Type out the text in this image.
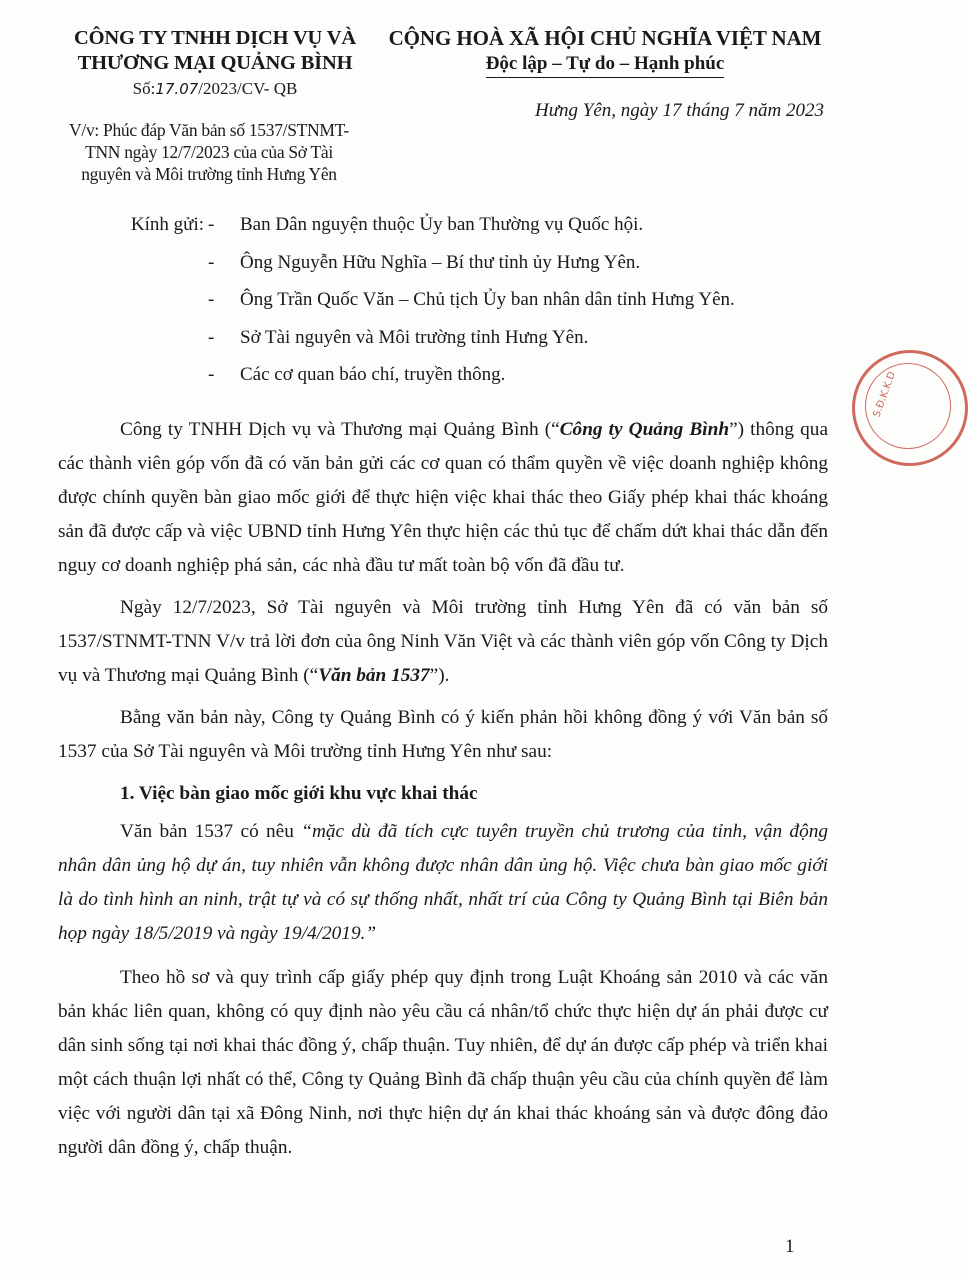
CÔNG TY TNHH DỊCH VỤ VÀ
THƯƠNG MẠI QUẢNG BÌNH
Số:17.07/2023/CV- QB
CỘNG HOÀ XÃ HỘI CHỦ NGHĨA VIỆT NAM
Độc lập – Tự do – Hạnh phúc
Hưng Yên, ngày 17 tháng 7 năm 2023
V/v: Phúc đáp Văn bản số 1537/STNMT-
TNN ngày 12/7/2023 của của Sở Tài
nguyên và Môi trường tỉnh Hưng Yên
Kính gửi: -	Ban Dân nguyện thuộc Ủy ban Thường vụ Quốc hội.
-	Ông Nguyễn Hữu Nghĩa – Bí thư tỉnh ủy Hưng Yên.
-	Ông Trần Quốc Văn – Chủ tịch Ủy ban nhân dân tỉnh Hưng Yên.
-	Sở Tài nguyên và Môi trường tỉnh Hưng Yên.
-	Các cơ quan báo chí, truyền thông.

Công ty TNHH Dịch vụ và Thương mại Quảng Bình (“Công ty Quảng Bình”) thông qua các thành viên góp vốn đã có văn bản gửi các cơ quan có thẩm quyền về việc doanh nghiệp không được chính quyền bàn giao mốc giới để thực hiện việc khai thác theo Giấy phép khai thác khoáng sản đã được cấp và việc UBND tỉnh Hưng Yên thực hiện các thủ tục để chấm dứt khai thác dẫn đến nguy cơ doanh nghiệp phá sản, các nhà đầu tư mất toàn bộ vốn đã đầu tư.

Ngày 12/7/2023, Sở Tài nguyên và Môi trường tỉnh Hưng Yên đã có văn bản số 1537/STNMT-TNN V/v trả lời đơn của ông Ninh Văn Việt và các thành viên góp vốn Công ty Dịch vụ và Thương mại Quảng Bình (“Văn bản 1537”).

Bằng văn bản này, Công ty Quảng Bình có ý kiến phản hồi không đồng ý với Văn bản số 1537 của Sở Tài nguyên và Môi trường tỉnh Hưng Yên như sau:

1. Việc bàn giao mốc giới khu vực khai thác

Văn bản 1537 có nêu “mặc dù đã tích cực tuyên truyền chủ trương của tỉnh, vận động nhân dân ủng hộ dự án, tuy nhiên vẫn không được nhân dân ủng hộ. Việc chưa bàn giao mốc giới là do tình hình an ninh, trật tự và có sự thống nhất, nhất trí của Công ty Quảng Bình tại Biên bản họp ngày 18/5/2019 và ngày 19/4/2019.”

Theo hồ sơ và quy trình cấp giấy phép quy định trong Luật Khoáng sản 2010 và các văn bản khác liên quan, không có quy định nào yêu cầu cá nhân/tổ chức thực hiện dự án phải được cư dân sinh sống tại nơi khai thác đồng ý, chấp thuận. Tuy nhiên, để dự án được cấp phép và triển khai một cách thuận lợi nhất có thể, Công ty Quảng Bình đã chấp thuận yêu cầu của chính quyền để làm việc với người dân tại xã Đông Ninh, nơi thực hiện dự án khai thác khoáng sản và được đông đảo người dân đồng ý, chấp thuận.

S.Đ.K.K.D
1
